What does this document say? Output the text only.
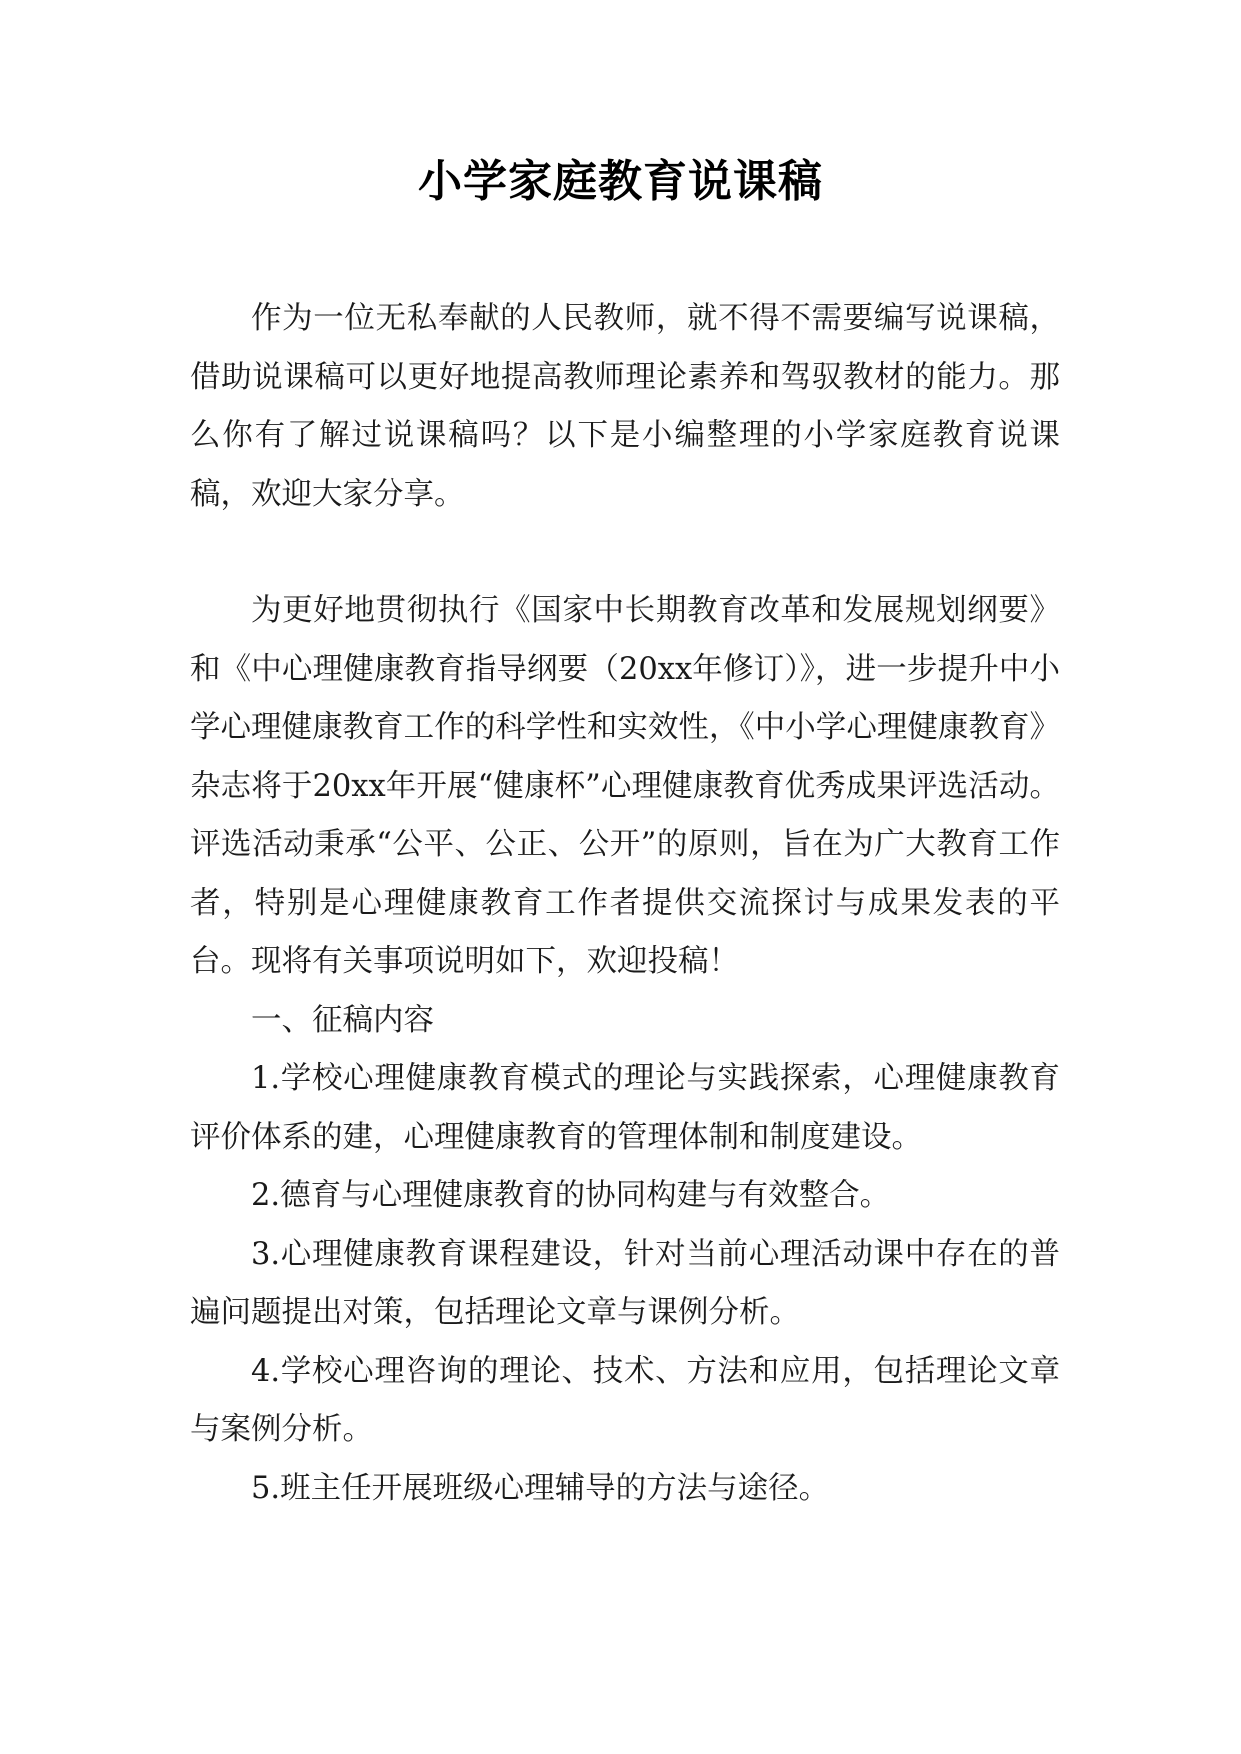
小学家庭教育说课稿

作为一位无私奉献的人民教师，就不得不需要编写说课稿，借助说课稿可以更好地提高教师理论素养和驾驭教材的能力。那么你有了解过说课稿吗？以下是小编整理的小学家庭教育说课稿，欢迎大家分享。

为更好地贯彻执行《国家中长期教育改革和发展规划纲要》和《中心理健康教育指导纲要（20xx年修订）》，进一步提升中小学心理健康教育工作的科学性和实效性，《中小学心理健康教育》杂志将于20xx年开展“健康杯”心理健康教育优秀成果评选活动。评选活动秉承“公平、公正、公开”的原则，旨在为广大教育工作者，特别是心理健康教育工作者提供交流探讨与成果发表的平台。现将有关事项说明如下，欢迎投稿！

一、征稿内容

1.学校心理健康教育模式的理论与实践探索，心理健康教育评价体系的建，心理健康教育的管理体制和制度建设。

2.德育与心理健康教育的协同构建与有效整合。

3.心理健康教育课程建设，针对当前心理活动课中存在的普遍问题提出对策，包括理论文章与课例分析。

4.学校心理咨询的理论、技术、方法和应用，包括理论文章与案例分析。

5.班主任开展班级心理辅导的方法与途径。
